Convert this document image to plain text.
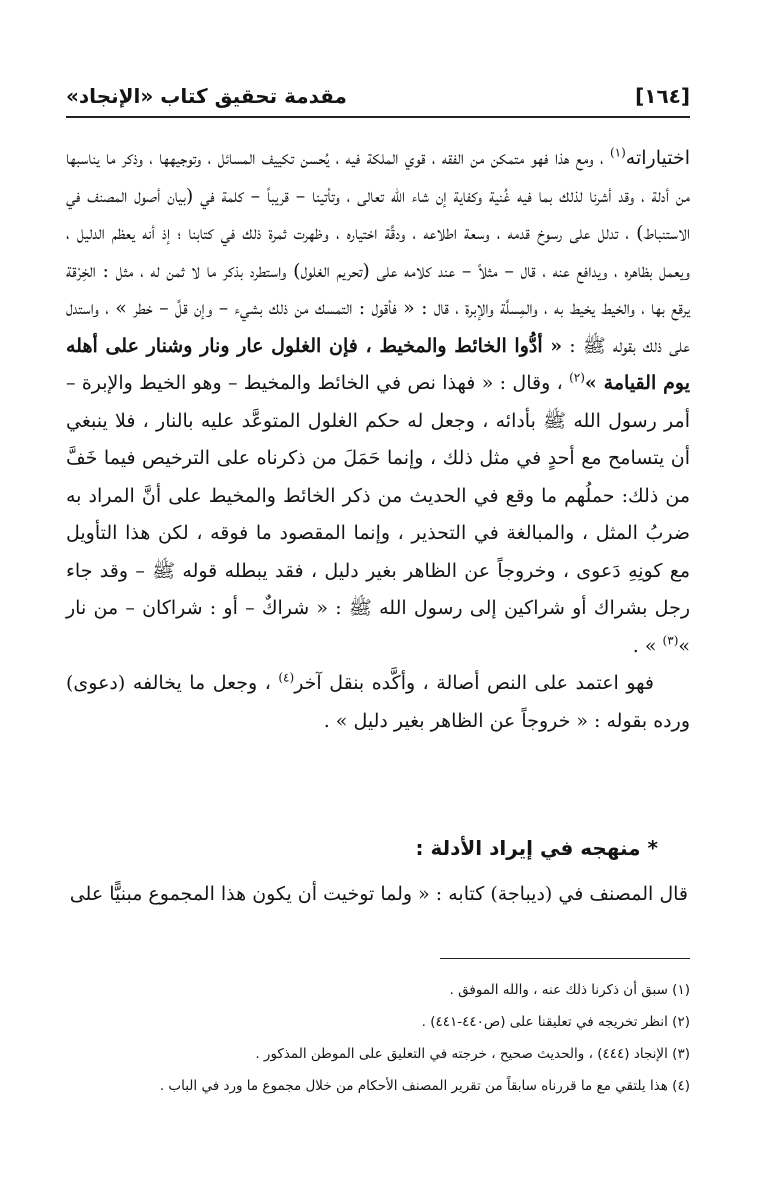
[١٦٤]
مقدمة تحقيق كتاب «الإنجاد»

اختياراته$^{(١)}$ ، ومع هذا فهو متمكن من الفقه ، قوي الملكة فيه ، يُحسن تكييف المسائل ، وتوجيهها ، وذكر ما يناسبها من أدلة ، وقد أشرنا لذلك بما فيه غُنية وكفاية إن شاء الله تعالى ، وتأتينا – قريباً – كلمة في (بيان أصول المصنف في الاستنباط) ، تدلل على رسوخ قدمه ، وسعة اطلاعه ، ودقَّة اختياره ، وظهرت ثمرة ذلك في كتابنا ؛ إذ أنه يعظم الدليل ، ويعمل بظاهره ، ويدافع عنه ، قال – مثلاً – عند كلامه على (تحريم الغلول) واستطرد بذكر ما لا ثمن له ، مثل : الخِرْقة يرقع بها ، والخيط يخيط به ، والمِسلَّة والإبرة ، قال : « فأقول : التمسك من ذلك بشيء – وإن قلَّ – خطر » ، واستدل على ذلك بقوله ﷺ : « أدُّوا الخائط والمخيط ، فإن الغلول عار ونار وشنار على أهله يوم القيامة »$^{(٢)}$ ، وقال : « فهذا نص في الخائط والمخيط – وهو الخيط والإبرة – أمر رسول الله ﷺ بأدائه ، وجعل له حكم الغلول المتوعَّد عليه بالنار ، فلا ينبغي أن يتسامح مع أحدٍ في مثل ذلك ، وإنما حَمَلَ من ذكرناه على الترخيص فيما خَفَّ من ذلك: حملُهم ما وقع في الحديث من ذكر الخائط والمخيط على أنَّ المراد به ضربُ المثل ، والمبالغة في التحذير ، وإنما المقصود ما فوقه ، لكن هذا التأويل مع كونِهِ دَعوى ، وخروجاً عن الظاهر بغير دليل ، فقد يبطله قوله ﷺ – وقد جاء رجل بشراك أو شراكين إلى رسول الله ﷺ : « شراكٌ – أو : شراكان – من نار »$^{(٣)}$ » .

فهو اعتمد على النص أصالة ، وأكَّده بنقل آخر$^{(٤)}$ ، وجعل ما يخالفه (دعوى) ورده بقوله : « خروجاً عن الظاهر بغير دليل » .

* منهجه في إيراد الأدلة :
قال المصنف في (ديباجة) كتابه : « ولما توخيت أن يكون هذا المجموع مبنيًّا على
(١) سبق أن ذكرنا ذلك عنه ، والله الموفق .
(٢) انظر تخريجه في تعليقنا على (ص٤٤٠-٤٤١) .
(٣) الإنجاد (٤٤٤) ، والحديث صحيح ، خرجته في التعليق على الموطن المذكور .
(٤) هذا يلتقي مع ما قررناه سابقاً من تقرير المصنف الأحكام من خلال مجموع ما ورد في الباب .
